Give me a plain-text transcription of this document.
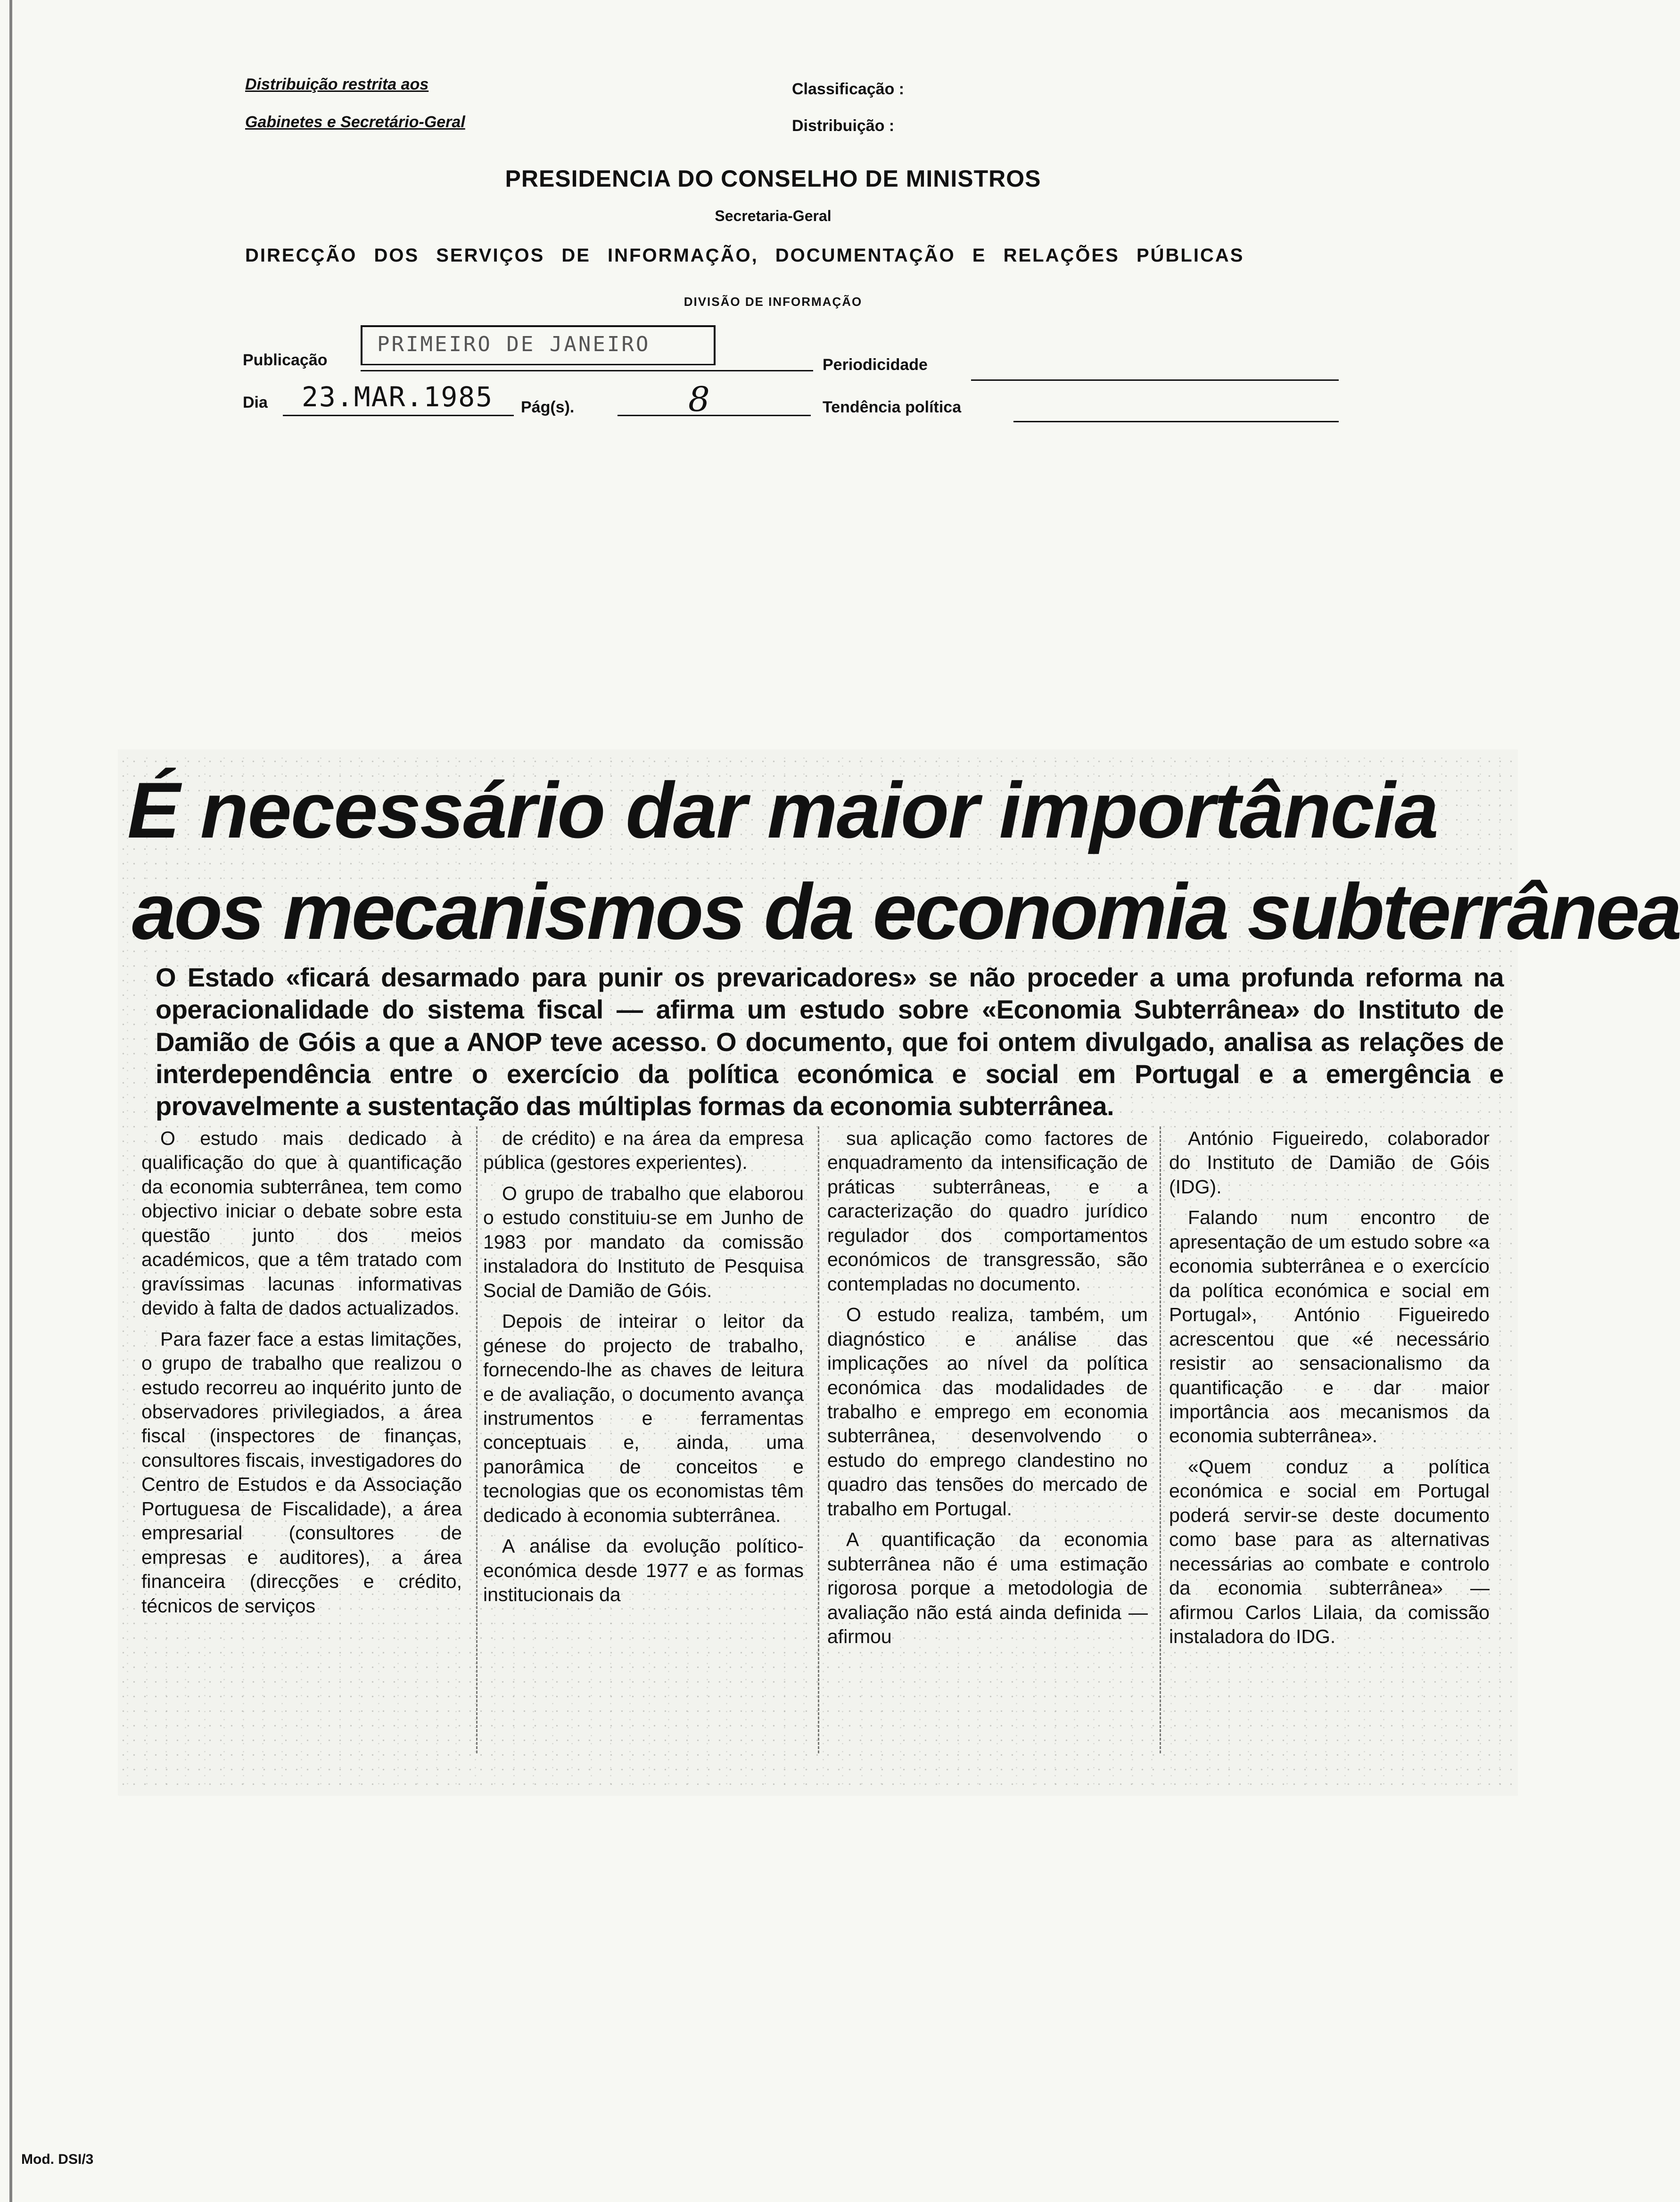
Distribuição restrita aos
Gabinetes e Secretário-Geral
Classificação :
Distribuição :
PRESIDENCIA DO CONSELHO DE MINISTROS
Secretaria-Geral
DIRECÇÃO DOS SERVIÇOS DE INFORMAÇÃO, DOCUMENTAÇÃO E RELAÇÕES PÚBLICAS
DIVISÃO DE INFORMAÇÃO
Publicação
PRIMEIRO DE JANEIRO
Periodicidade
Dia 23.MAR.1985 Pág(s).	8	Tendência política
É necessário dar maior importância
aos mecanismos da economia subterrânea
O Estado «ficará desarmado para punir os prevaricadores» se não proceder a uma profunda reforma na operacionalidade do sistema fiscal — afirma um estudo sobre «Economia Subterrânea» do Instituto de Damião de Góis a que a ANOP teve acesso. O documento, que foi ontem divulgado, analisa as relações de interdependência entre o exercício da política económica e social em Portugal e a emergência e provavelmente a sustentação das múltiplas formas da economia subterrânea.

O estudo mais dedicado à qualificação do que à quantificação da economia subterrânea, tem como objectivo iniciar o debate sobre esta questão junto dos meios académicos, que a têm tratado com gravíssimas lacunas informativas devido à falta de dados actualizados.

Para fazer face a estas limitações, o grupo de trabalho que realizou o estudo recorreu ao inquérito junto de observadores privilegiados, a área fiscal (inspectores de finanças, consultores fiscais, investigadores do Centro de Estudos e da Associação Portuguesa de Fiscalidade), a área empresarial (consultores de empresas e auditores), a área financeira (direcções e crédito, técnicos de serviços

de crédito) e na área da empresa pública (gestores experientes).

O grupo de trabalho que elaborou o estudo constituiu-se em Junho de 1983 por mandato da comissão instaladora do Instituto de Pesquisa Social de Damião de Góis.

Depois de inteirar o leitor da génese do projecto de trabalho, fornecendo-lhe as chaves de leitura e de avaliação, o documento avança instrumentos e ferramentas conceptuais e, ainda, uma panorâmica de conceitos e tecnologias que os economistas têm dedicado à economia subterrânea.

A análise da evolução político-económica desde 1977 e as formas institucionais da

sua aplicação como factores de enquadramento da intensificação de práticas subterrâneas, e a caracterização do quadro jurídico regulador dos comportamentos económicos de transgressão, são contempladas no documento.

O estudo realiza, também, um diagnóstico e análise das implicações ao nível da política económica das modalidades de trabalho e emprego em economia subterrânea, desenvolvendo o estudo do emprego clandestino no quadro das tensões do mercado de trabalho em Portugal.

A quantificação da economia subterrânea não é uma estimação rigorosa porque a metodologia de avaliação não está ainda definida — afirmou

António Figueiredo, colaborador do Instituto de Damião de Góis (IDG).

Falando num encontro de apresentação de um estudo sobre «a economia subterrânea e o exercício da política económica e social em Portugal», António Figueiredo acrescentou que «é necessário resistir ao sensacionalismo da quantificação e dar maior importância aos mecanismos da economia subterrânea».

«Quem conduz a política económica e social em Portugal poderá servir-se deste documento como base para as alternativas necessárias ao combate e controlo da economia subterrânea» — afirmou Carlos Lilaia, da comissão instaladora do IDG.

Mod. DSI/3
